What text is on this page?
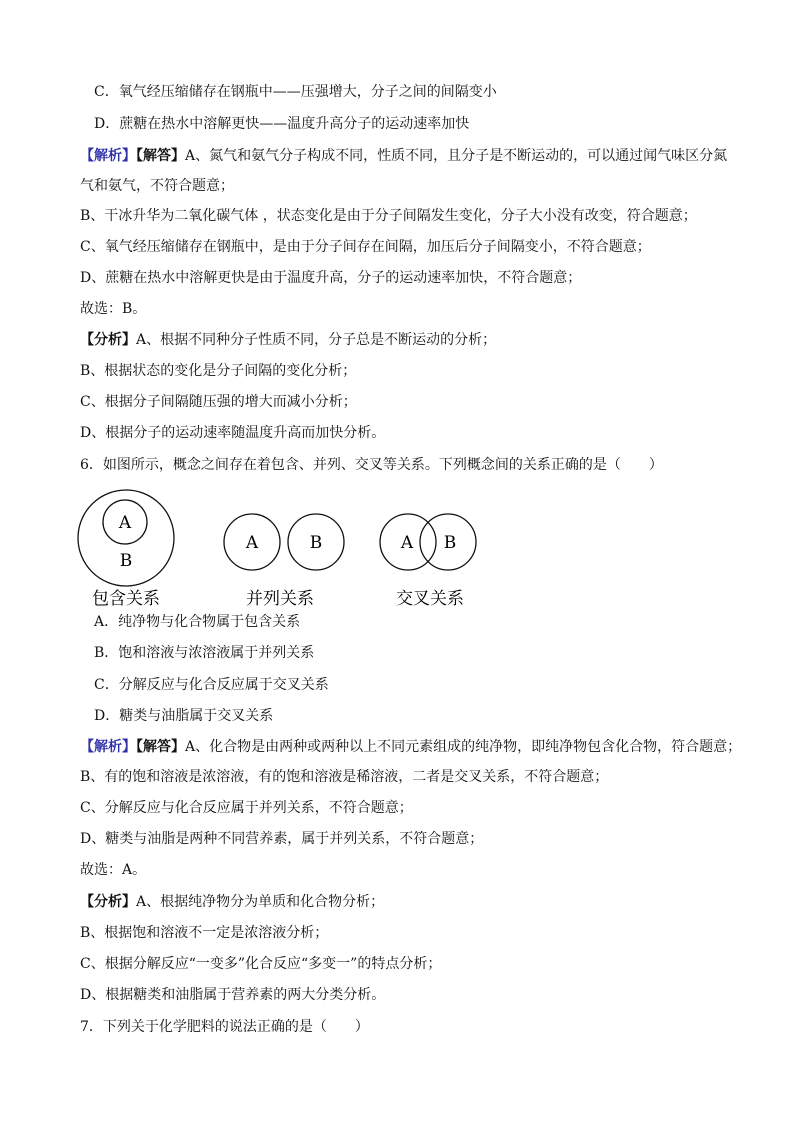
C．氧气经压缩储存在钢瓶中——压强增大，分子之间的间隔变小
D．蔗糖在热水中溶解更快——温度升高分子的运动速率加快
【解析】【解答】A、氮气和氨气分子构成不同，性质不同，且分子是不断运动的，可以通过闻气味区分氮
气和氨气，不符合题意；
B、干冰升华为二氧化碳气体 ，状态变化是由于分子间隔发生变化，分子大小没有改变，符合题意；
C、氧气经压缩储存在钢瓶中，是由于分子间存在间隔，加压后分子间隔变小，不符合题意；
D、蔗糖在热水中溶解更快是由于温度升高，分子的运动速率加快，不符合题意；
故选：B。
【分析】A、根据不同种分子性质不同，分子总是不断运动的分析；
B、根据状态的变化是分子间隔的变化分析；
C、根据分子间隔随压强的增大而减小分析；
D、根据分子的运动速率随温度升高而加快分析。
6．如图所示，概念之间存在着包含、并列、交叉等关系。下列概念间的关系正确的是（　　）
A
B
包含关系
A	B
并列关系
A B
交叉关系
A．纯净物与化合物属于包含关系
B．饱和溶液与浓溶液属于并列关系
C．分解反应与化合反应属于交叉关系
D．糖类与油脂属于交叉关系
【解析】【解答】A、化合物是由两种或两种以上不同元素组成的纯净物，即纯净物包含化合物，符合题意；
B、有的饱和溶液是浓溶液，有的饱和溶液是稀溶液，二者是交叉关系，不符合题意；
C、分解反应与化合反应属于并列关系，不符合题意；
D、糖类与油脂是两种不同营养素，属于并列关系，不符合题意；
故选：A。
【分析】A、根据纯净物分为单质和化合物分析；
B、根据饱和溶液不一定是浓溶液分析；
C、根据分解反应“一变多”化合反应“多变一”的特点分析；
D、根据糖类和油脂属于营养素的两大分类分析。
7．下列关于化学肥料的说法正确的是（　　）
